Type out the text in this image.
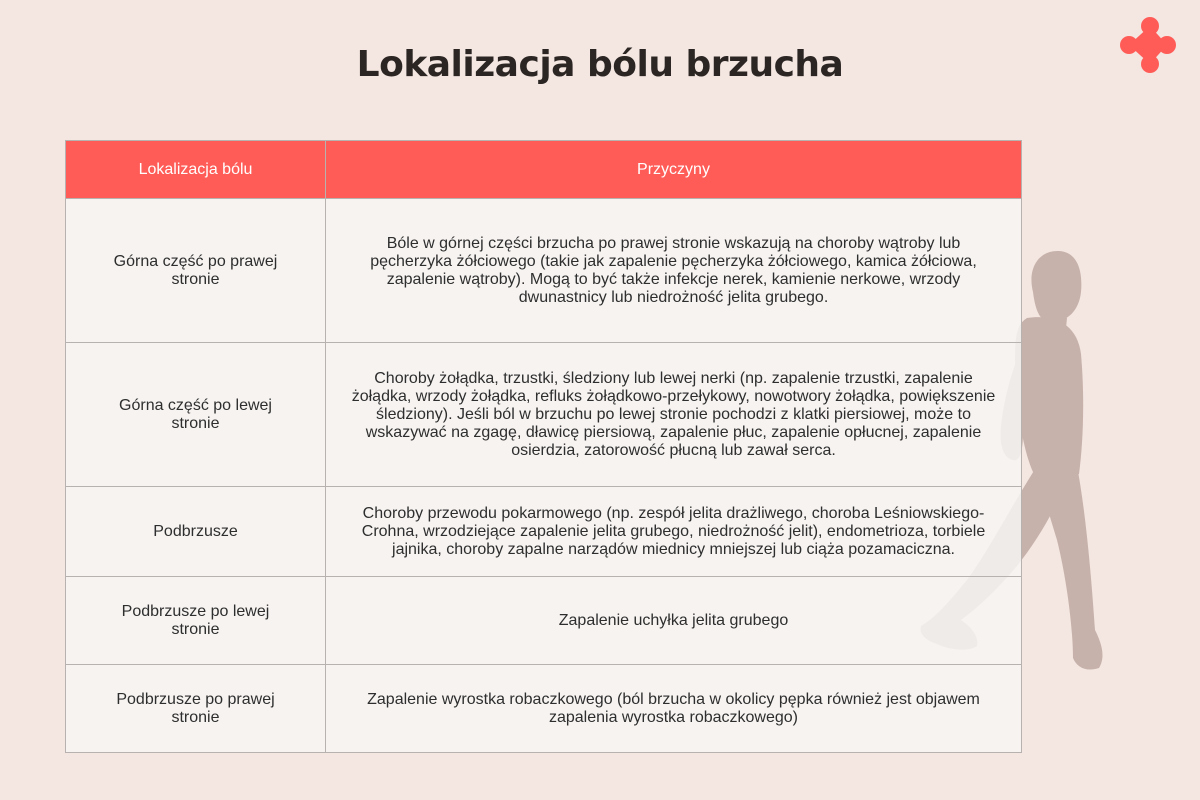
Lokalizacja bólu brzucha
Lokalizacja bólu	Przyczyny
Górna część po prawej stronie	Bóle w górnej części brzucha po prawej stronie wskazują na choroby wątroby lub pęcherzyka żółciowego (takie jak zapalenie pęcherzyka żółciowego, kamica żółciowa, zapalenie wątroby). Mogą to być także infekcje nerek, kamienie nerkowe, wrzody dwunastnicy lub niedrożność jelita grubego.
Górna część po lewej stronie	Choroby żołądka, trzustki, śledziony lub lewej nerki (np. zapalenie trzustki, zapalenie żołądka, wrzody żołądka, refluks żołądkowo-przełykowy, nowotwory żołądka, powiększenie śledziony). Jeśli ból w brzuchu po lewej stronie pochodzi z klatki piersiowej, może to wskazywać na zgagę, dławicę piersiową, zapalenie płuc, zapalenie opłucnej, zapalenie osierdzia, zatorowość płucną lub zawał serca.
Podbrzusze	Choroby przewodu pokarmowego (np. zespół jelita drażliwego, choroba Leśniowskiego-Crohna, wrzodziejące zapalenie jelita grubego, niedrożność jelit), endometrioza, torbiele jajnika, choroby zapalne narządów miednicy mniejszej lub ciąża pozamaciczna.
Podbrzusze po lewej stronie	Zapalenie uchyłka jelita grubego
Podbrzusze po prawej stronie	Zapalenie wyrostka robaczkowego (ból brzucha w okolicy pępka również jest objawem zapalenia wyrostka robaczkowego)
